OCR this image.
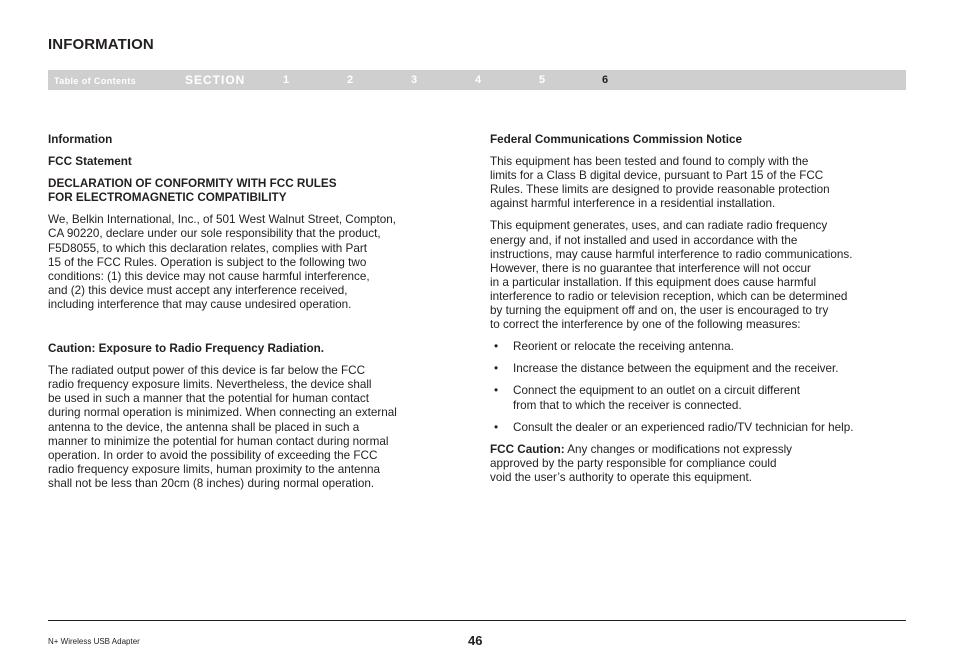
INFORMATION
Table of Contents	SECTION	1	2	3	4	5	6
Information
FCC Statement
DECLARATION OF CONFORMITY WITH FCC RULES
FOR ELECTROMAGNETIC COMPATIBILITY
We, Belkin International, Inc., of 501 West Walnut Street, Compton,
CA 90220, declare under our sole responsibility that the product,
F5D8055, to which this declaration relates, complies with Part
15 of the FCC Rules. Operation is subject to the following two
conditions: (1) this device may not cause harmful interference,
and (2) this device must accept any interference received,
including interference that may cause undesired operation.
Caution: Exposure to Radio Frequency Radiation.
The radiated output power of this device is far below the FCC
radio frequency exposure limits. Nevertheless, the device shall
be used in such a manner that the potential for human contact
during normal operation is minimized. When connecting an external
antenna to the device, the antenna shall be placed in such a
manner to minimize the potential for human contact during normal
operation. In order to avoid the possibility of exceeding the FCC
radio frequency exposure limits, human proximity to the antenna
shall not be less than 20cm (8 inches) during normal operation.
Federal Communications Commission Notice
This equipment has been tested and found to comply with the
limits for a Class B digital device, pursuant to Part 15 of the FCC
Rules. These limits are designed to provide reasonable protection
against harmful interference in a residential installation.
This equipment generates, uses, and can radiate radio frequency
energy and, if not installed and used in accordance with the
instructions, may cause harmful interference to radio communications.
However, there is no guarantee that interference will not occur
in a particular installation. If this equipment does cause harmful
interference to radio or television reception, which can be determined
by turning the equipment off and on, the user is encouraged to try
to correct the interference by one of the following measures:
• Reorient or relocate the receiving antenna.
• Increase the distance between the equipment and the receiver.
• Connect the equipment to an outlet on a circuit different
from that to which the receiver is connected.
• Consult the dealer or an experienced radio/TV technician for help.
FCC Caution: Any changes or modifications not expressly
approved by the party responsible for compliance could
void the user’s authority to operate this equipment.
N+ Wireless USB Adapter	46
